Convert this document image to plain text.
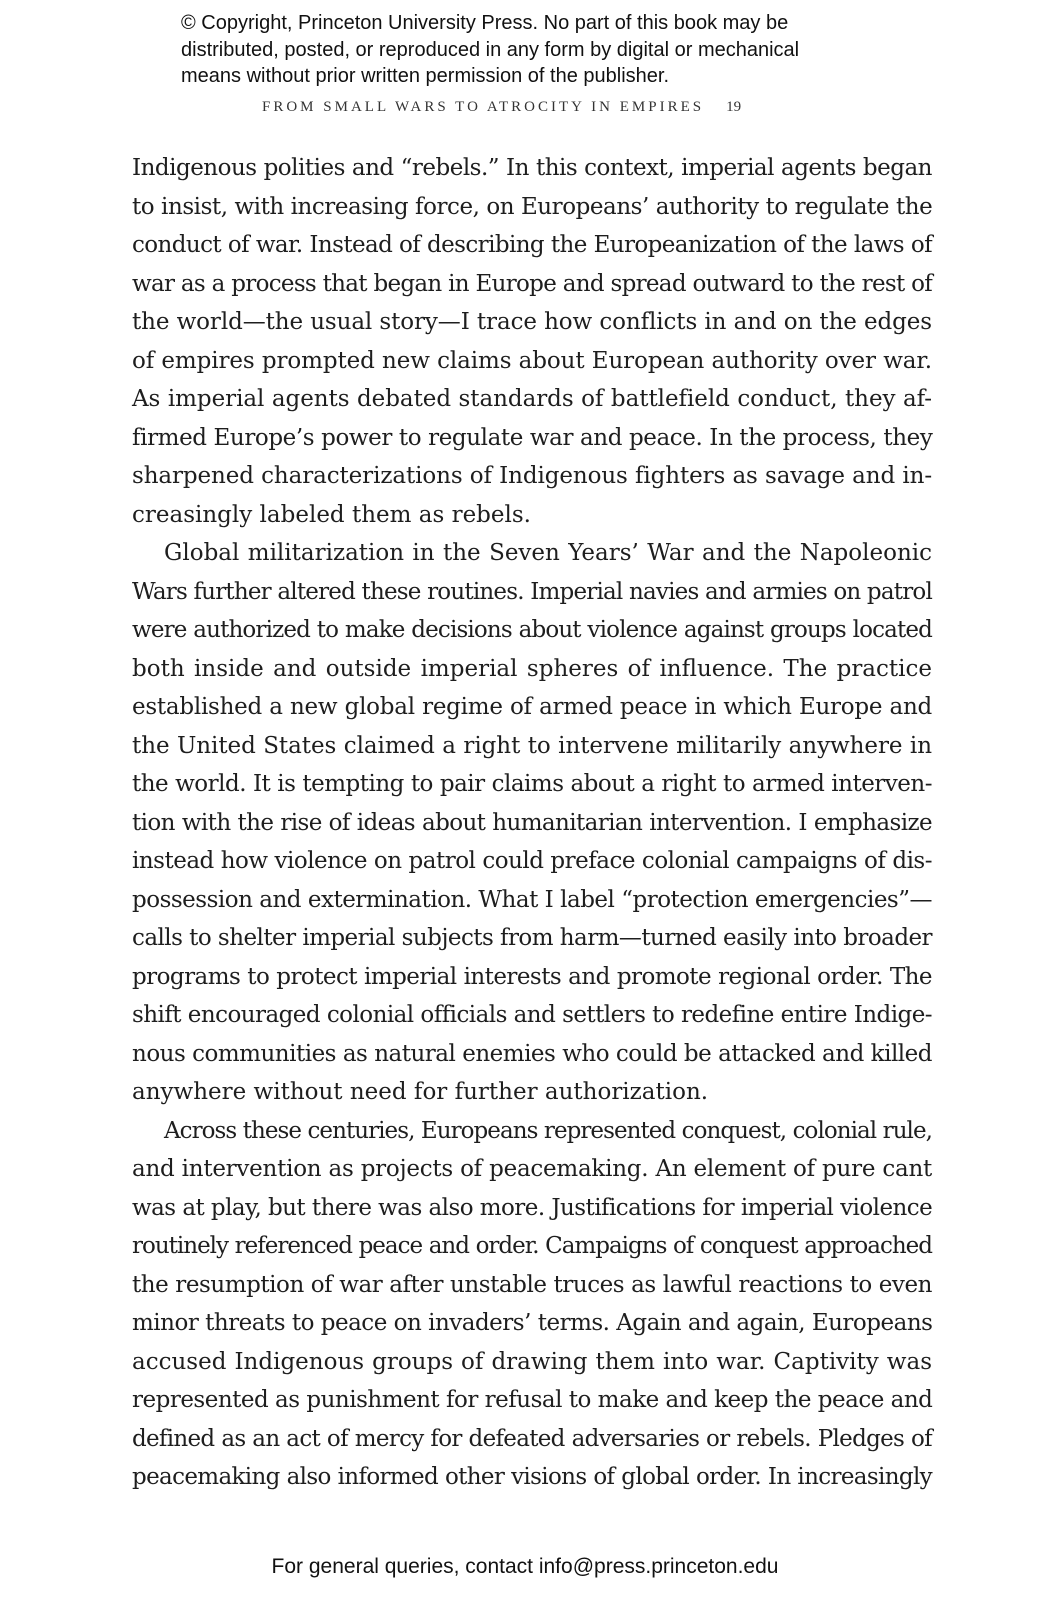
© Copyright, Princeton University Press. No part of this book may be
distributed, posted, or reproduced in any form by digital or mechanical
means without prior written permission of the publisher.
FROM SMALL WARS TO ATROCITY IN EMPIRES 19
Indigenous polities and “rebels.” In this context, imperial agents began
to insist, with increasing force, on Europeans’ authority to regulate the
conduct of war. Instead of describing the Europeanization of the laws of
war as a process that began in Europe and spread outward to the rest of
the world—the usual story—I trace how conflicts in and on the edges
of empires prompted new claims about European authority over war.
As imperial agents debated standards of battlefield conduct, they af-
firmed Europe’s power to regulate war and peace. In the process, they
sharpened characterizations of Indigenous fighters as savage and in-
creasingly labeled them as rebels.
Global militarization in the Seven Years’ War and the Napoleonic
Wars further altered these routines. Imperial navies and armies on patrol
were authorized to make decisions about violence against groups located
both inside and outside imperial spheres of influence. The practice
established a new global regime of armed peace in which Europe and
the United States claimed a right to intervene militarily anywhere in
the world. It is tempting to pair claims about a right to armed interven-
tion with the rise of ideas about humanitarian intervention. I emphasize
instead how violence on patrol could preface colonial campaigns of dis-
possession and extermination. What I label “protection emergencies”—
calls to shelter imperial subjects from harm—turned easily into broader
programs to protect imperial interests and promote regional order. The
shift encouraged colonial officials and settlers to redefine entire Indige-
nous communities as natural enemies who could be attacked and killed
anywhere without need for further authorization.
Across these centuries, Europeans represented conquest, colonial rule,
and intervention as projects of peacemaking. An element of pure cant
was at play, but there was also more. Justifications for imperial violence
routinely referenced peace and order. Campaigns of conquest approached
the resumption of war after unstable truces as lawful reactions to even
minor threats to peace on invaders’ terms. Again and again, Europeans
accused Indigenous groups of drawing them into war. Captivity was
represented as punishment for refusal to make and keep the peace and
defined as an act of mercy for defeated adversaries or rebels. Pledges of
peacemaking also informed other visions of global order. In increasingly
For general queries, contact info@press.princeton.edu
